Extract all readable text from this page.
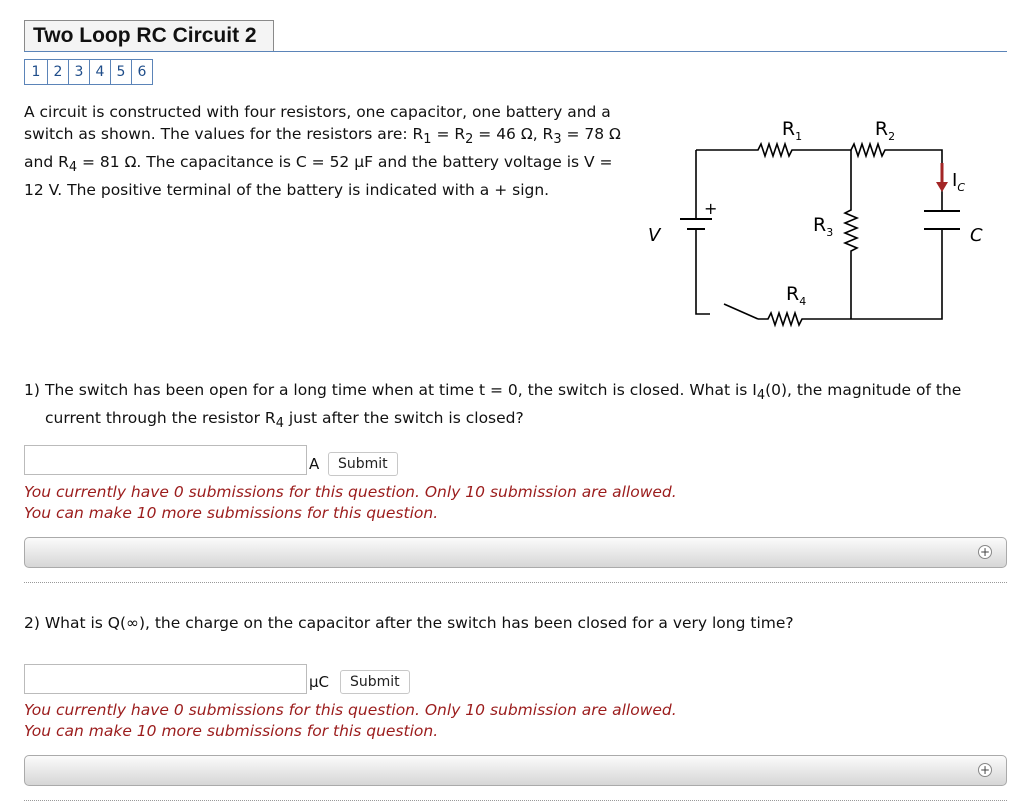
Two Loop RC Circuit 2
1 2 3 4 5 6
A circuit is constructed with four resistors, one capacitor, one battery and a switch as shown. The values for the resistors are: $R_1 = R_2 = 46$ Ω, $R_3 = 78$ Ω and $R_4 = 81$ Ω. The capacitance is C = 52 μF and the battery voltage is V = 12 V. The positive terminal of the battery is indicated with a + sign.
$R_1$	$R_2$
$R_3$
$R_4$
V
+
C
$I_C$
1) The switch has been open for a long time when at time t = 0, the switch is closed. What is $I_4(0)$, the magnitude of the current through the resistor $R_4$ just after the switch is closed?
A	Submit
You currently have 0 submissions for this question. Only 10 submission are allowed.
You can make 10 more submissions for this question.
+
2) What is Q(∞), the charge on the capacitor after the switch has been closed for a very long time?
μC	Submit
You currently have 0 submissions for this question. Only 10 submission are allowed.
You can make 10 more submissions for this question.
+
